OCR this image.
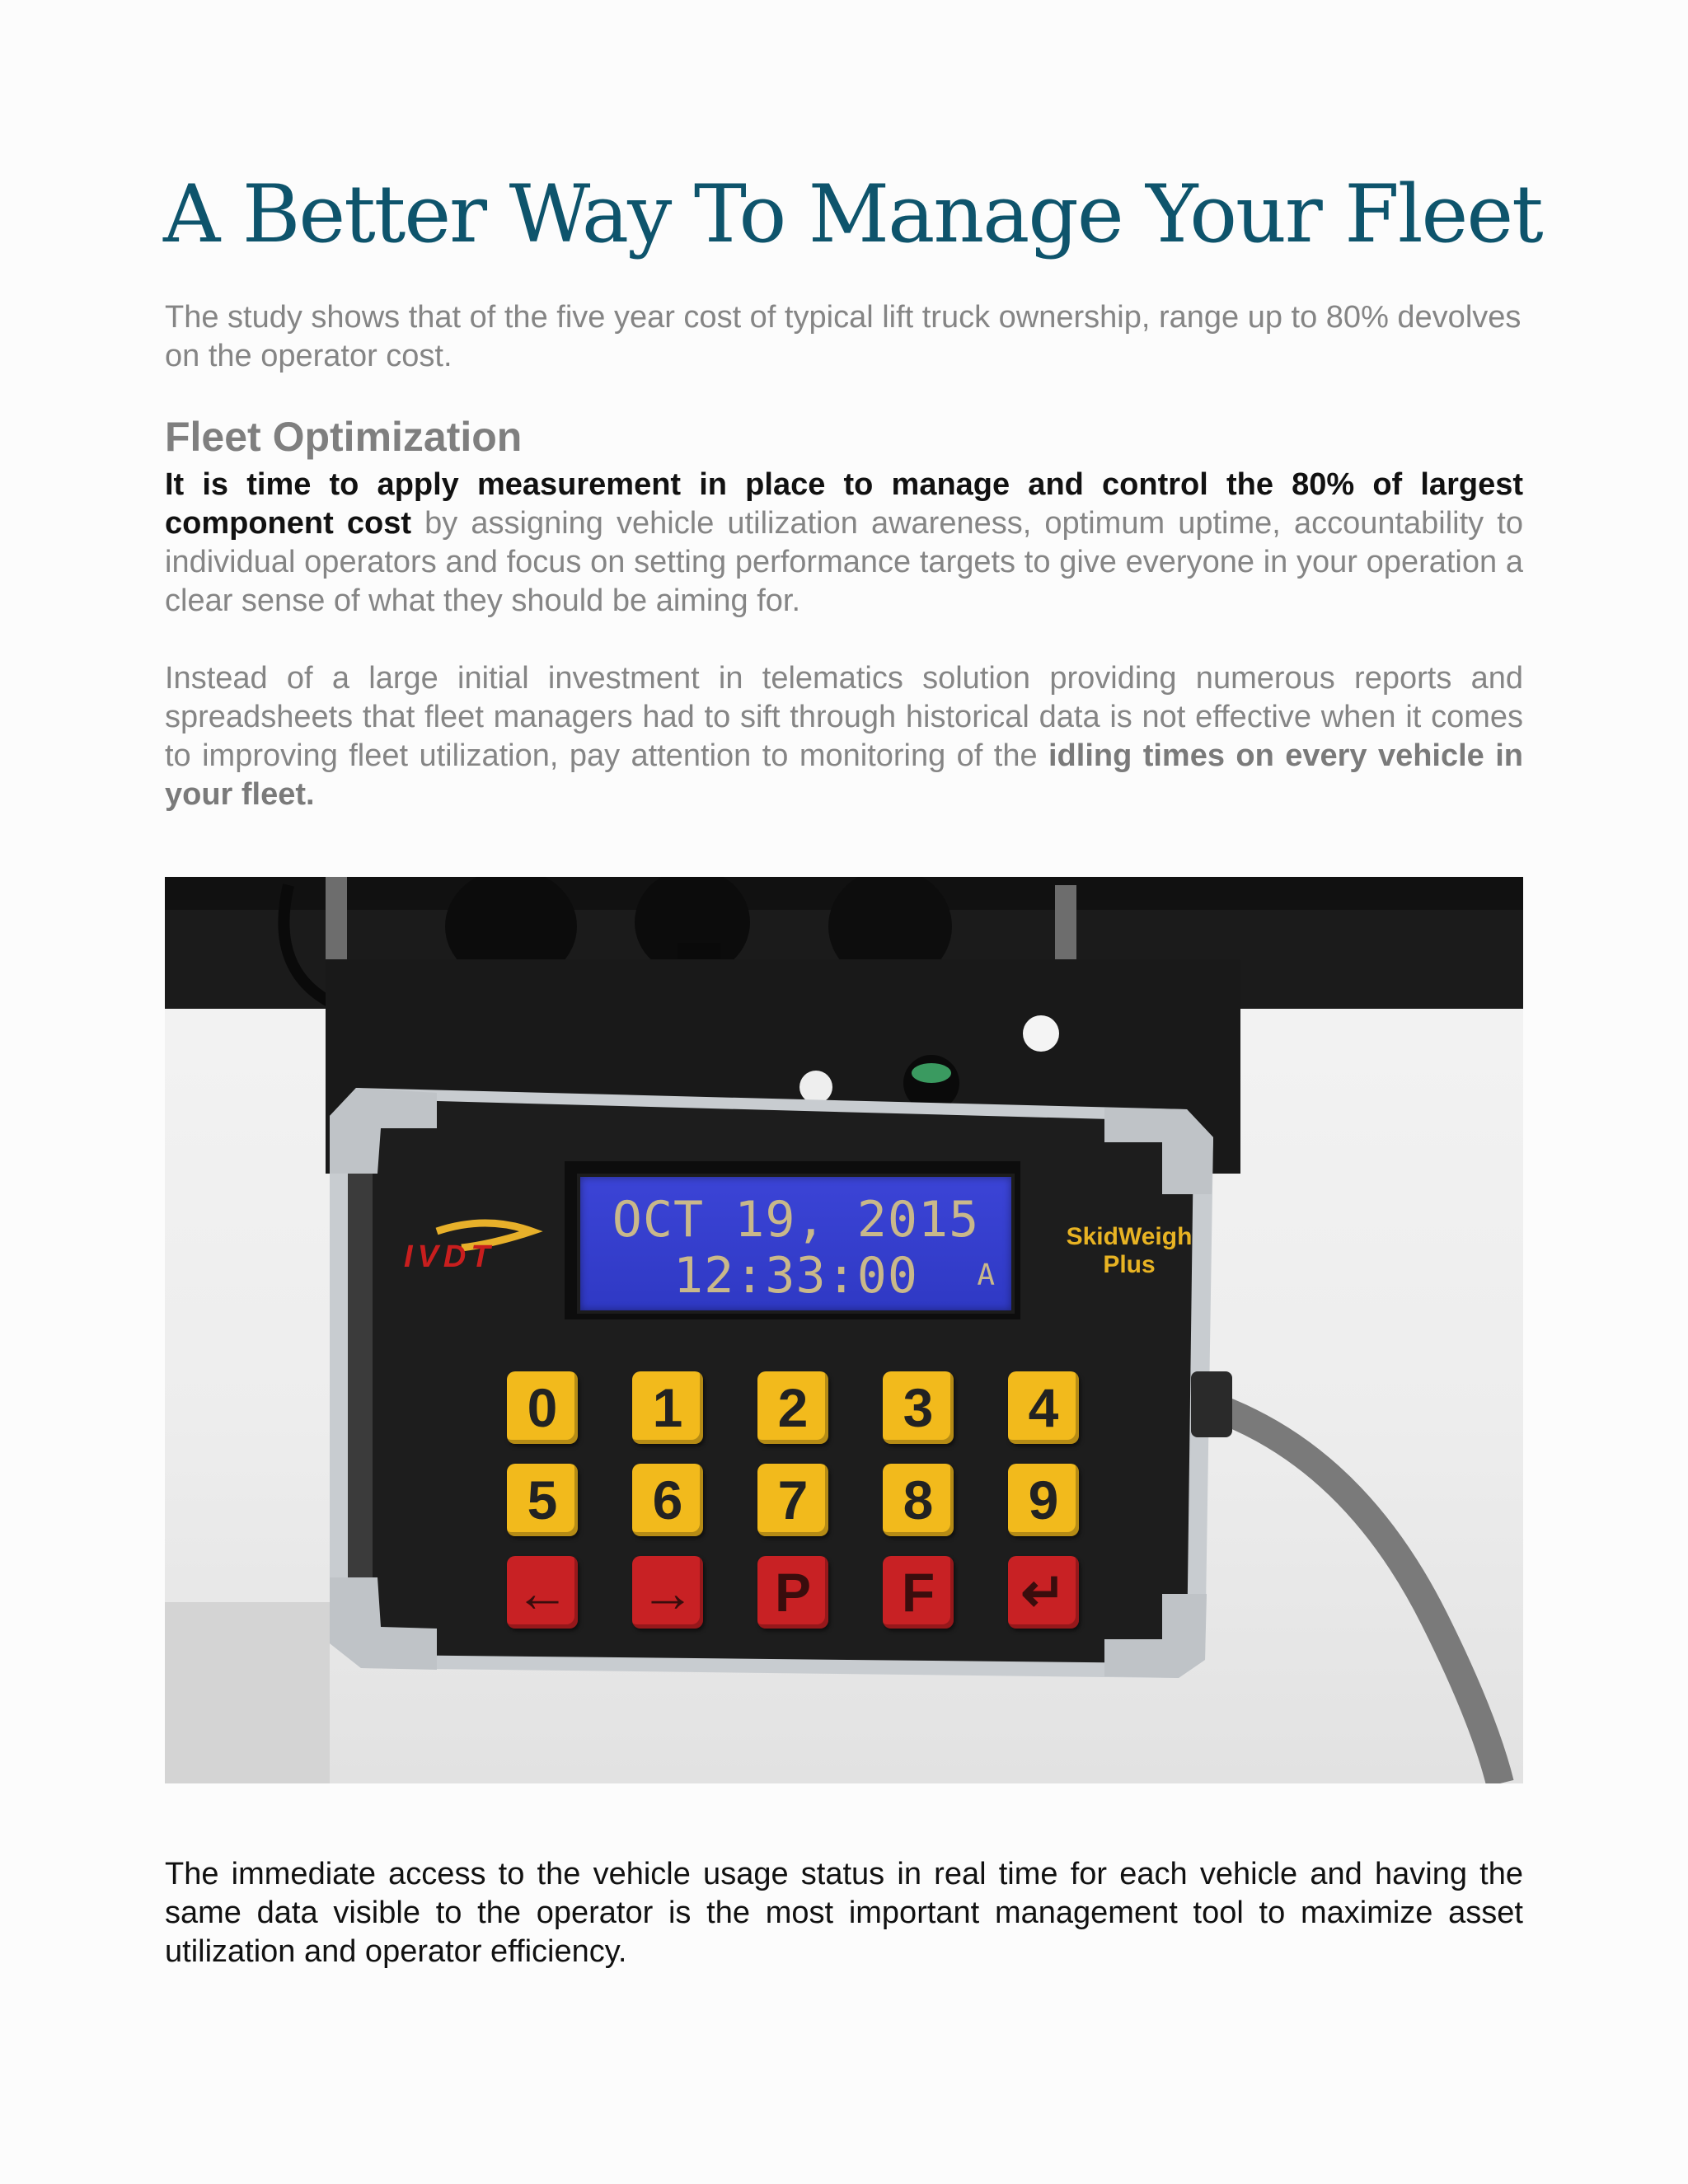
A Better Way To Manage Your Fleet

The study shows that of the five year cost of typical lift truck ownership, range up to 80% devolves on the operator cost.

Fleet Optimization

It is time to apply measurement in place to manage and control the 80% of largest component cost by assigning vehicle utilization awareness, optimum uptime, accountability to individual operators and focus on setting performance targets to give everyone in your operation a clear sense of what they should be aiming for.

Instead of a large initial investment in telematics solution providing numerous reports and spreadsheets that fleet managers had to sift through historical data is not effective when it comes to improving fleet utilization, pay attention to monitoring of the idling times on every vehicle in your fleet.

OCT 19, 2015
12:33:00	A
IVDT
SkidWeigh
Plus
0	1	2	3	4
5	6	7	8	9
← →	P	F	↵

The immediate access to the vehicle usage status in real time for each vehicle and having the same data visible to the operator is the most important management tool to maximize asset utilization and operator efficiency.
